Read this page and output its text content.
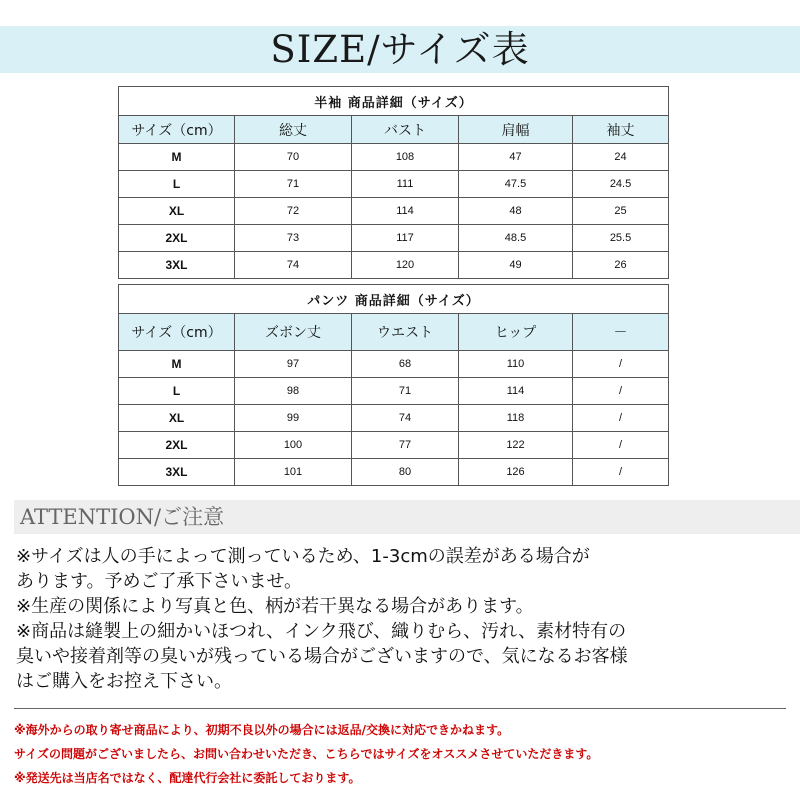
SIZE/サイズ表
半袖 商品詳細（サイズ）				
サイズ（cm）	総丈	バスト	肩幅	袖丈
M	70	108	47	24
L	71	111	47.5	24.5
XL	72	114	48	25
2XL	73	117	48.5	25.5
3XL	74	120	49	26
パンツ 商品詳細（サイズ）				
サイズ（cm）	ズボン丈	ウエスト	ヒップ	－
M	97	68	110	/
L	98	71	114	/
XL	99	74	118	/
2XL	100	77	122	/
3XL	101	80	126	/
ATTENTION/ご注意
※サイズは人の手によって測っているため、1-3cmの誤差がある場合が
あります。予めご了承下さいませ。
※生産の関係により写真と色、柄が若干異なる場合があります。
※商品は縫製上の細かいほつれ、インク飛び、織りむら、汚れ、素材特有の
臭いや接着剤等の臭いが残っている場合がございますので、気になるお客様
はご購入をお控え下さい。
※海外からの取り寄せ商品により、初期不良以外の場合には返品/交換に対応できかねます。
サイズの問題がございましたら、お問い合わせいただき、こちらではサイズをオススメさせていただきます。
※発送先は当店名ではなく、配達代行会社に委託しております。
